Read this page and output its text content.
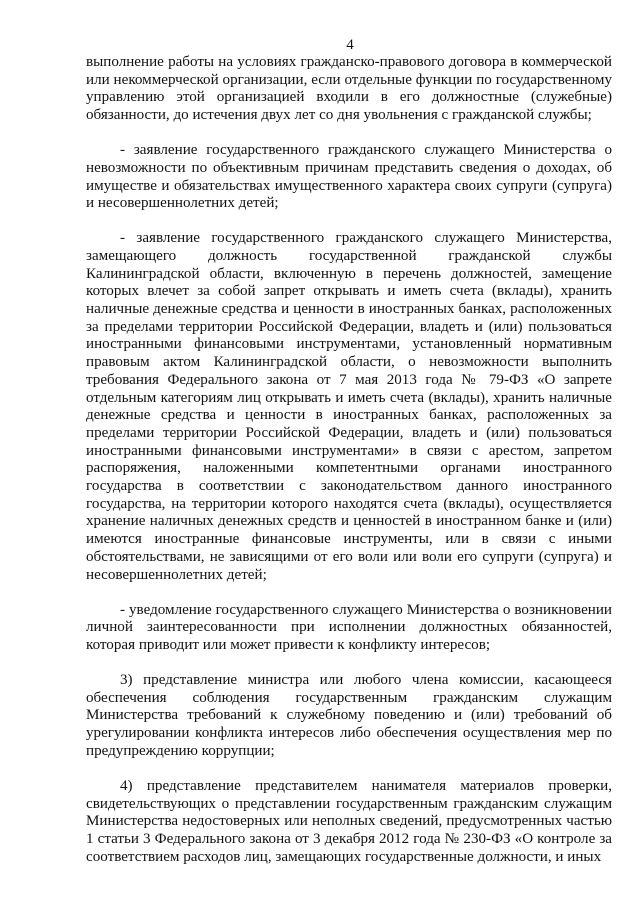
4

выполнение работы на условиях гражданско-правового договора в коммерческой или некоммерческой организации, если отдельные функции по государственному управлению этой организацией входили в его должностные (служебные) обязанности, до истечения двух лет со дня увольнения с гражданской службы;

- заявление государственного гражданского служащего Министерства о невозможности по объективным причинам представить сведения о доходах, об имуществе и обязательствах имущественного характера своих супруги (супруга) и несовершеннолетних детей;

- заявление государственного гражданского служащего Министерства, замещающего должность государственной гражданской службы Калининградской области, включенную в перечень должностей, замещение которых влечет за собой запрет открывать и иметь счета (вклады), хранить наличные денежные средства и ценности в иностранных банках, расположенных за пределами территории Российской Федерации, владеть и (или) пользоваться иностранными финансовыми инструментами, установленный нормативным правовым актом Калининградской области, о невозможности выполнить требования Федерального закона от 7 мая 2013 года № 79-ФЗ «О запрете отдельным категориям лиц открывать и иметь счета (вклады), хранить наличные денежные средства и ценности в иностранных банках, расположенных за пределами территории Российской Федерации, владеть и (или) пользоваться иностранными финансовыми инструментами» в связи с арестом, запретом распоряжения, наложенными компетентными органами иностранного государства в соответствии с законодательством данного иностранного государства, на территории которого находятся счета (вклады), осуществляется хранение наличных денежных средств и ценностей в иностранном банке и (или) имеются иностранные финансовые инструменты, или в связи с иными обстоятельствами, не зависящими от его воли или воли его супруги (супруга) и несовершеннолетних детей;

- уведомление государственного служащего Министерства о возникновении личной заинтересованности при исполнении должностных обязанностей, которая приводит или может привести к конфликту интересов;

3) представление министра или любого члена комиссии, касающееся обеспечения соблюдения государственным гражданским служащим Министерства требований к служебному поведению и (или) требований об урегулировании конфликта интересов либо обеспечения осуществления мер по предупреждению коррупции;

4) представление представителем нанимателя материалов проверки, свидетельствующих о представлении государственным гражданским служащим Министерства недостоверных или неполных сведений, предусмотренных частью 1 статьи 3 Федерального закона от 3 декабря 2012 года № 230-ФЗ «О контроле за соответствием расходов лиц, замещающих государственные должности, и иных
